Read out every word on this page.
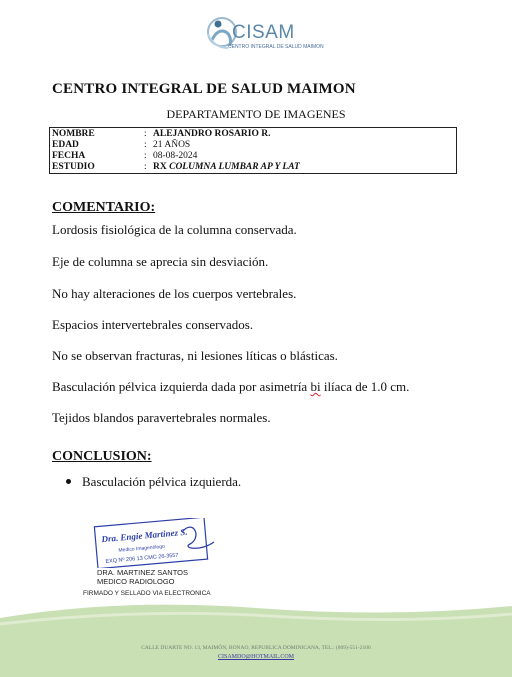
CISAM
CENTRO INTEGRAL DE SALUD MAIMON
CENTRO INTEGRAL DE SALUD MAIMON
DEPARTAMENTO DE IMAGENES
NOMBRE	: ALEJANDRO ROSARIO R.
EDAD	: 21 AÑOS
FECHA	: 08-08-2024
ESTUDIO	: RX COLUMNA LUMBAR AP Y LAT
COMENTARIO:
Lordosis fisiológica de la columna conservada.
Eje de columna se aprecia sin desviación.
No hay alteraciones de los cuerpos vertebrales.
Espacios intervertebrales conservados.
No se observan fracturas, ni lesiones líticas o blásticas.
Basculación pélvica izquierda dada por asimetría bi ilíaca de 1.0 cm.
Tejidos blandos paravertebrales normales.
CONCLUSION:
Basculación pélvica izquierda.
Dra. Engie Martinez S.
Medico Imagenólogo
EXQ Nº 206 13 CMC 26-3557
DRA. MARTINEZ SANTOS
MEDICO RADIOLOGO
FIRMADO Y SELLADO VIA ELECTRONICA
CALLE DUARTE NO. 13, MAIMÓN, BONAO, REPUBLICA DOMINICANA, TEL.: (809)-551-2106
CISAMDO@HOTMAIL.COM
